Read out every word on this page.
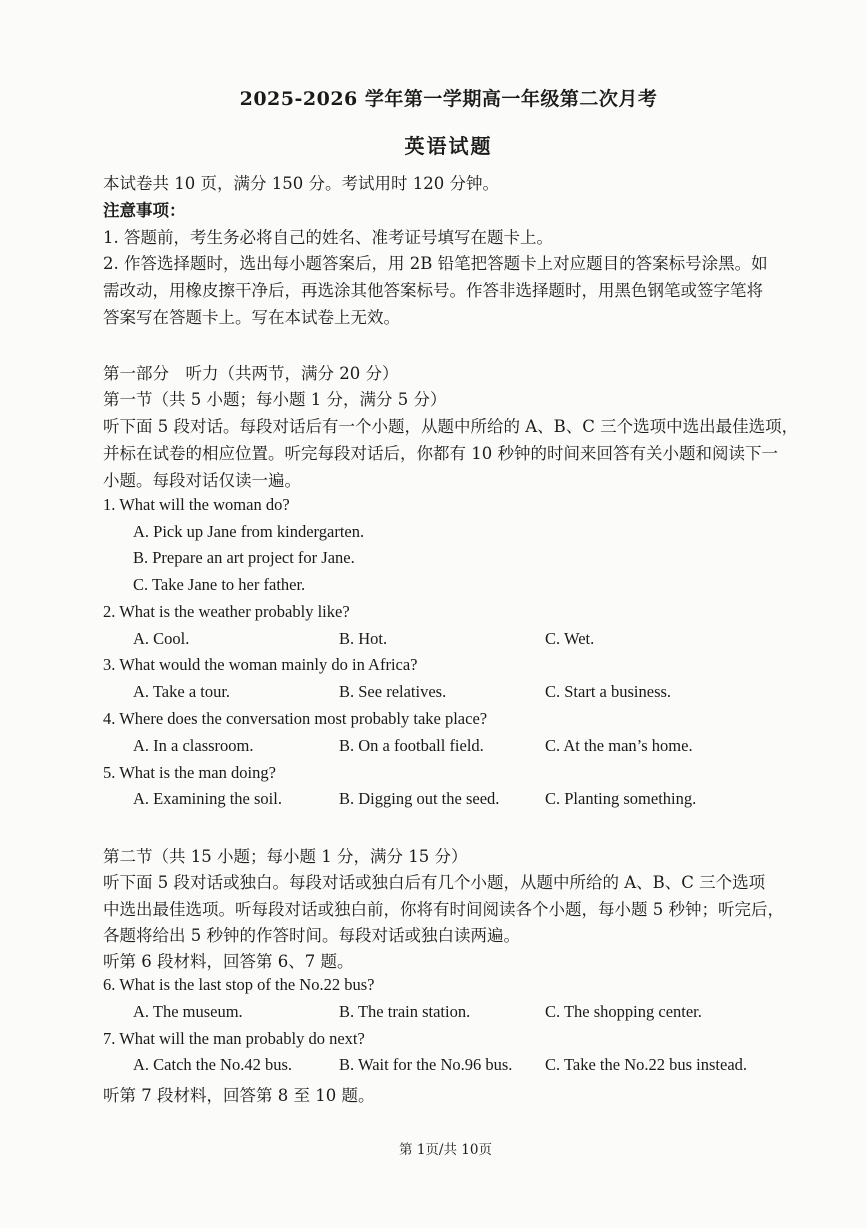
2025-2026 学年第一学期高一年级第二次月考
英语试题
本试卷共 10 页，满分 150 分。考试用时 120 分钟。
注意事项：
1. 答题前，考生务必将自己的姓名、准考证号填写在题卡上。
2. 作答选择题时，选出每小题答案后，用 2B 铅笔把答题卡上对应题目的答案标号涂黑。如
需改动，用橡皮擦干净后，再选涂其他答案标号。作答非选择题时，用黑色钢笔或签字笔将
答案写在答题卡上。写在本试卷上无效。
第一部分　听力（共两节，满分 20 分）
第一节（共 5 小题；每小题 1 分，满分 5 分）
听下面 5 段对话。每段对话后有一个小题，从题中所给的 A、B、C 三个选项中选出最佳选项，
并标在试卷的相应位置。听完每段对话后，你都有 10 秒钟的时间来回答有关小题和阅读下一
小题。每段对话仅读一遍。
1. What will the woman do?
A. Pick up Jane from kindergarten.
B. Prepare an art project for Jane.
C. Take Jane to her father.
2. What is the weather probably like?
A. Cool.	B. Hot.	C. Wet.
3. What would the woman mainly do in Africa?
A. Take a tour.	B. See relatives.	C. Start a business.
4. Where does the conversation most probably take place?
A. In a classroom.	B. On a football field.	C. At the man’s home.
5. What is the man doing?
A. Examining the soil.	B. Digging out the seed.	C. Planting something.
第二节（共 15 小题；每小题 1 分，满分 15 分）
听下面 5 段对话或独白。每段对话或独白后有几个小题，从题中所给的 A、B、C 三个选项
中选出最佳选项。听每段对话或独白前，你将有时间阅读各个小题，每小题 5 秒钟；听完后，
各题将给出 5 秒钟的作答时间。每段对话或独白读两遍。
听第 6 段材料，回答第 6、7 题。
6. What is the last stop of the No.22 bus?
A. The museum.	B. The train station.	C. The shopping center.
7. What will the man probably do next?
A. Catch the No.42 bus.	B. Wait for the No.96 bus. C. Take the No.22 bus instead.
听第 7 段材料，回答第 8 至 10 题。
第 1页/共 10页
